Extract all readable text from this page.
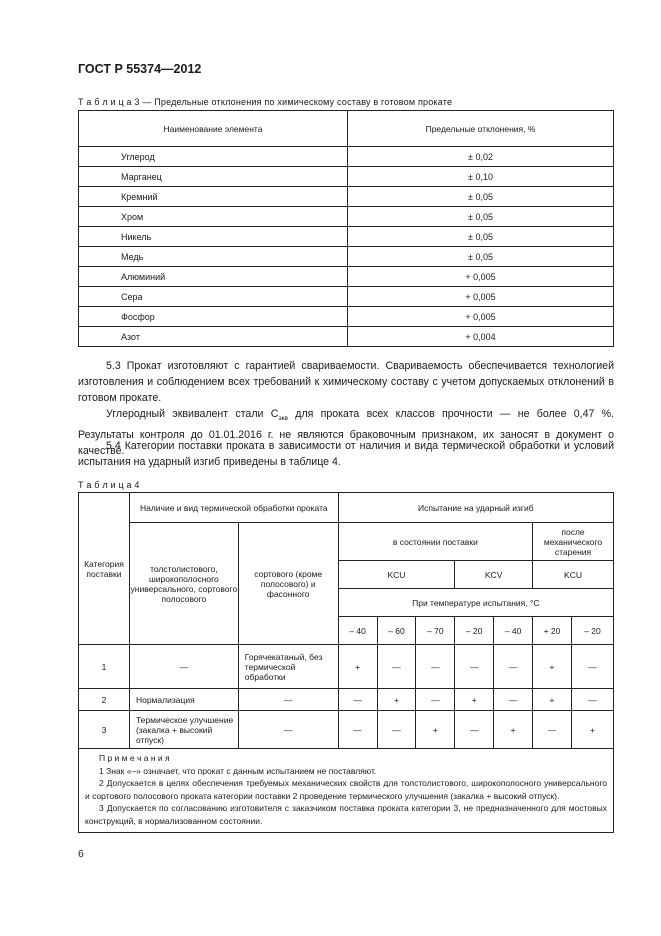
ГОСТ Р 55374—2012
Т а б л и ц а 3 — Предельные отклонения по химическому составу в готовом прокате
Наименование элемента	Предельные отклонения, %
Углерод	± 0,02
Марганец	± 0,10
Кремний	± 0,05
Хром	± 0,05
Никель	± 0,05
Медь	± 0,05
Алюминий	+ 0,005
Сера	+ 0,005
Фосфор	+ 0,005
Азот	+ 0,004
5.3 Прокат изготовляют с гарантией свариваемости. Свариваемость обеспечивается технологией изготовления и соблюдением всех требований к химическому составу с учетом допускаемых отклонений в готовом прокате.
Углеродный эквивалент стали $С_{экв}$ для проката всех классов прочности — не более 0,47 %. Результаты контроля до 01.01.2016 г. не являются браковочным признаком, их заносят в документ о качестве.
5.4 Категории поставки проката в зависимости от наличия и вида термической обработки и условий испытания на ударный изгиб приведены в таблице 4.
Т а б л и ц а 4
Категория поставки	Наличие и вид термической обработки проката		Испытание на ударный изгиб						
	толстолистового, широкополосного универсального, сортового полосового	сортового (кроме полосового) и фасонного	в состоянии поставки					после механического старения	
			KCU			KCV		KCU	
			При температуре испытания, °С						
			– 40	– 60	– 70	– 20	– 40	+ 20	– 20
1	—	Горячекатаный, без термической обработки	+	—	—	—	—	+	—
2	Нормализация	—	—	+	—	+	—	+	—
3	Термическое улучшение (закалка + высокий отпуск)	—	—	—	+	—	+	—	+

П р и м е ч а н и я
1 Знак «–» означает, что прокат с данным испытанием не поставляют.
2 Допускается в целях обеспечения требуемых механических свойств для толстолистового, широкополосного универсального и сортового полосового проката категории поставки 2 проведение термического улучшения (закалка + высокий отпуск).
3 Допускается по согласованию изготовителя с заказчиком поставка проката категории 3, не предназначенного для мостовых конструкций, в нормализованном состоянии.									
6
